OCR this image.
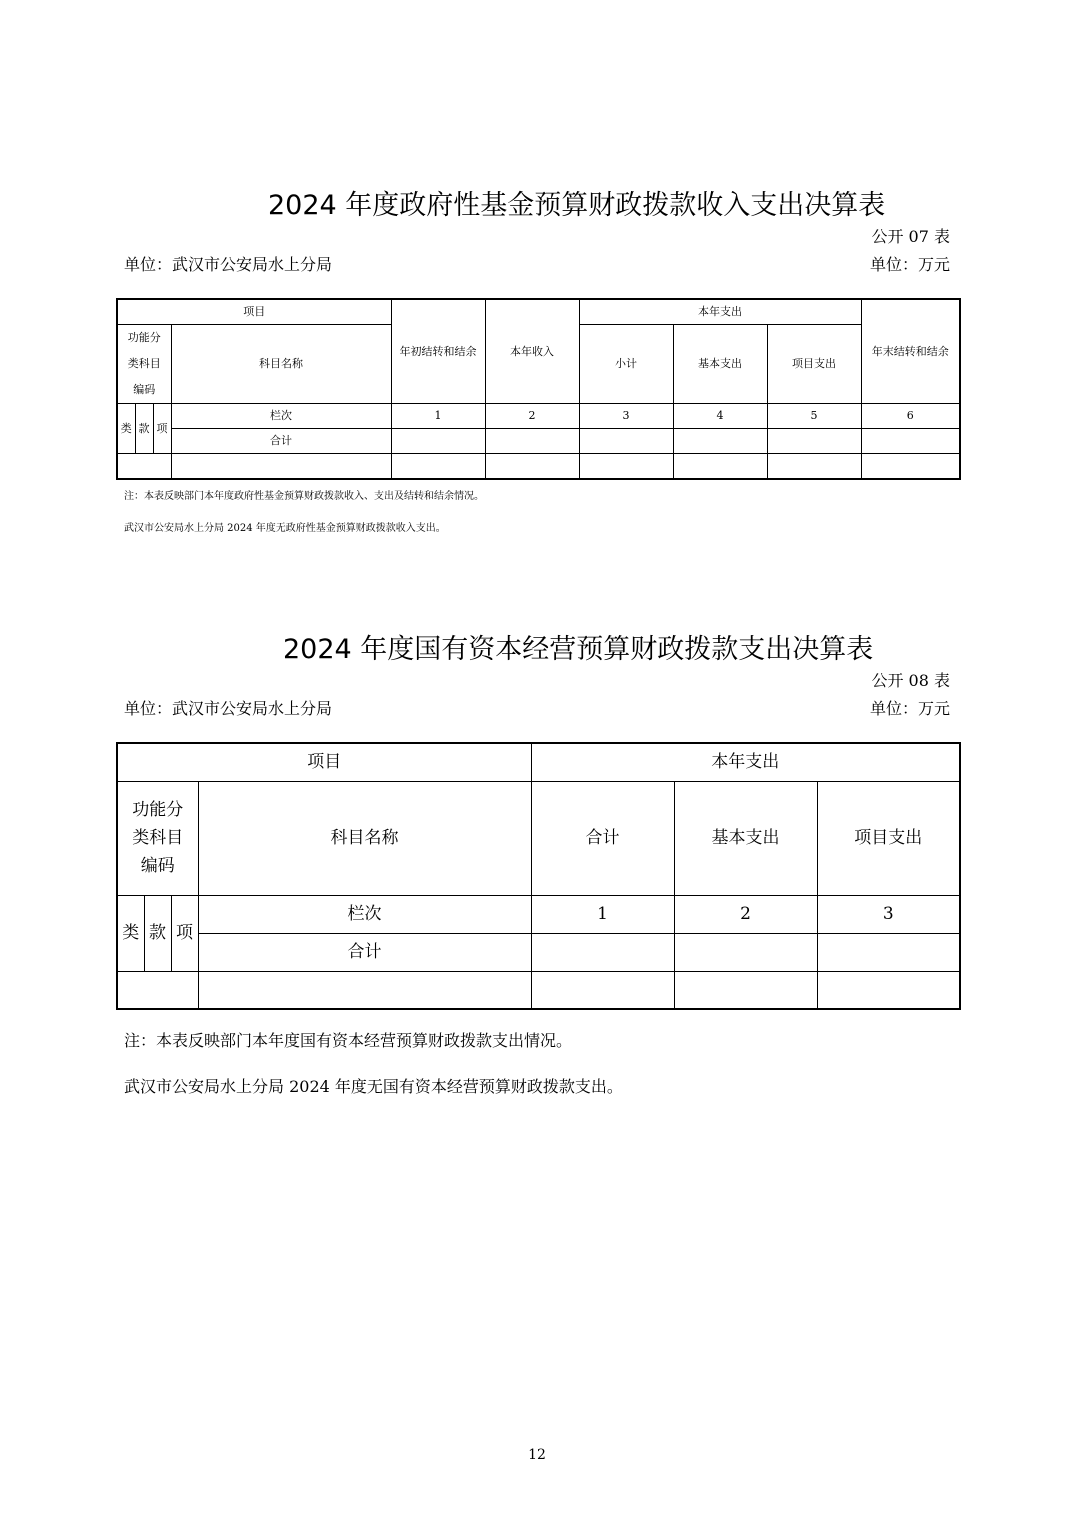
2024 年度政府性基金预算财政拨款收入支出决算表
公开 07 表
单位：武汉市公安局水上分局	单位：万元
项目				年初结转和结余	本年收入	本年支出			年末结转和结余
功能分类科目编码			科目名称			小计	基本支出	项目支出	
类	款	项	栏次	1	2	3	4	5	6
			合计						

注：本表反映部门本年度政府性基金预算财政拨款收入、支出及结转和结余情况。
武汉市公安局水上分局 2024 年度无政府性基金预算财政拨款收入支出。
2024 年度国有资本经营预算财政拨款支出决算表
公开 08 表
单位：武汉市公安局水上分局	单位：万元
项目				本年支出		
功能分类科目编码			科目名称	合计	基本支出	项目支出
类	款	项	栏次	1	2	3
			合计			

注：本表反映部门本年度国有资本经营预算财政拨款支出情况。
武汉市公安局水上分局 2024 年度无国有资本经营预算财政拨款支出。
12
